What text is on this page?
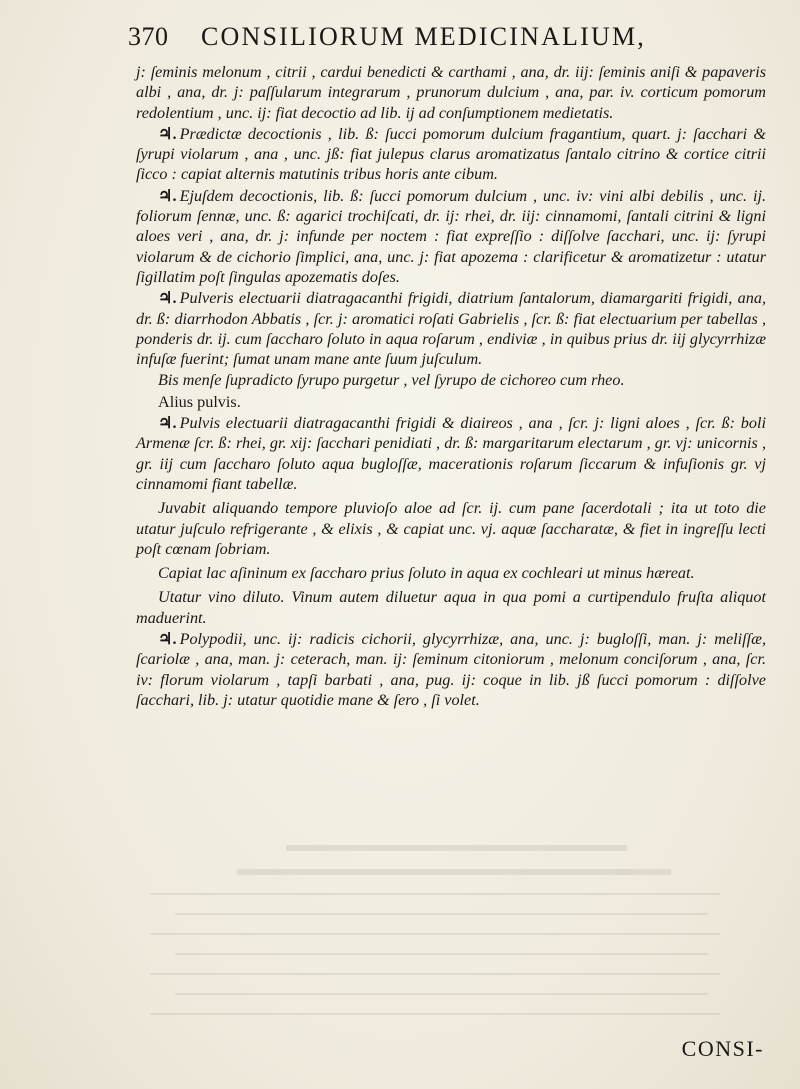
370 CONSILIORUM MEDICINALIUM,

j: ſeminis melonum , citrii , cardui benedicti & carthami , ana, dr. iij: ſeminis aniſi & papaveris albi , ana, dr. j: paſſularum integrarum , prunorum dulcium , ana, par. iv. corticum pomorum redolentium , unc. ij: fiat decoctio ad lib. ij ad conſumptionem medietatis.

♃. Prædictæ decoctionis , lib. ß: ſucci pomorum dulcium fragantium, quart. j: ſacchari & ſyrupi violarum , ana , unc. jß: fiat julepus clarus aromatizatus ſantalo citrino & cortice citrii ſicco : capiat alternis matutinis tribus horis ante cibum.

♃. Ejuſdem decoctionis, lib. ß: ſucci pomorum dulcium , unc. iv: vini albi debilis , unc. ij. foliorum ſennæ, unc. ß: agarici trochiſcati, dr. ij: rhei, dr. iij: cinnamomi, ſantali citrini & ligni aloes veri , ana, dr. j: infunde per noctem : fiat expreſſio : diſſolve ſacchari, unc. ij: ſyrupi violarum & de cichorio ſimplici, ana, unc. j: fiat apozema : clarificetur & aromatizetur : utatur ſigillatim poſt ſingulas apozematis doſes.

♃. Pulveris electuarii diatragacanthi frigidi, diatrium ſantalorum, diamargariti frigidi, ana, dr. ß: diarrhodon Abbatis , ſcr. j: aromatici roſati Gabrielis , ſcr. ß: fiat electuarium per tabellas , ponderis dr. ij. cum ſaccharo ſoluto in aqua roſarum , endiviæ , in quibus prius dr. iij glycyrrhizæ infuſæ fuerint; ſumat unam mane ante ſuum juſculum.

Bis menſe ſupradicto ſyrupo purgetur , vel ſyrupo de cichoreo cum rheo.

Alius pulvis.

♃. Pulvis electuarii diatragacanthi frigidi & diaireos , ana , ſcr. j: ligni aloes , ſcr. ß: boli Armenæ ſcr. ß: rhei, gr. xij: ſacchari penidiati , dr. ß: margaritarum electarum , gr. vj: unicornis , gr. iij cum ſaccharo ſoluto aqua bugloſſæ, macerationis roſarum ſiccarum & infuſionis gr. vj cinnamomi fiant tabellæ.

Juvabit aliquando tempore pluvioſo aloe ad ſcr. ij. cum pane ſacerdotali ; ita ut toto die utatur juſculo refrigerante , & elixis , & capiat unc. vj. aquæ ſaccharatæ, & fiet in ingreſſu lecti poſt cœnam ſobriam.

Capiat lac aſininum ex ſaccharo prius ſoluto in aqua ex cochleari ut minus hæreat.

Utatur vino diluto. Vinum autem diluetur aqua in qua pomi a curtipendulo fruſta aliquot maduerint.

♃. Polypodii, unc. ij: radicis cichorii, glycyrrhizæ, ana, unc. j: bugloſſi, man. j: meliſſæ, ſcariolæ , ana, man. j: ceterach, man. ij: ſeminum citoniorum , melonum conciſorum , ana, ſcr. iv: florum violarum , tapſi barbati , ana, pug. ij: coque in lib. jß ſucci pomorum : diſſolve ſacchari, lib. j: utatur quotidie mane & ſero , ſi volet.

CONSI-
